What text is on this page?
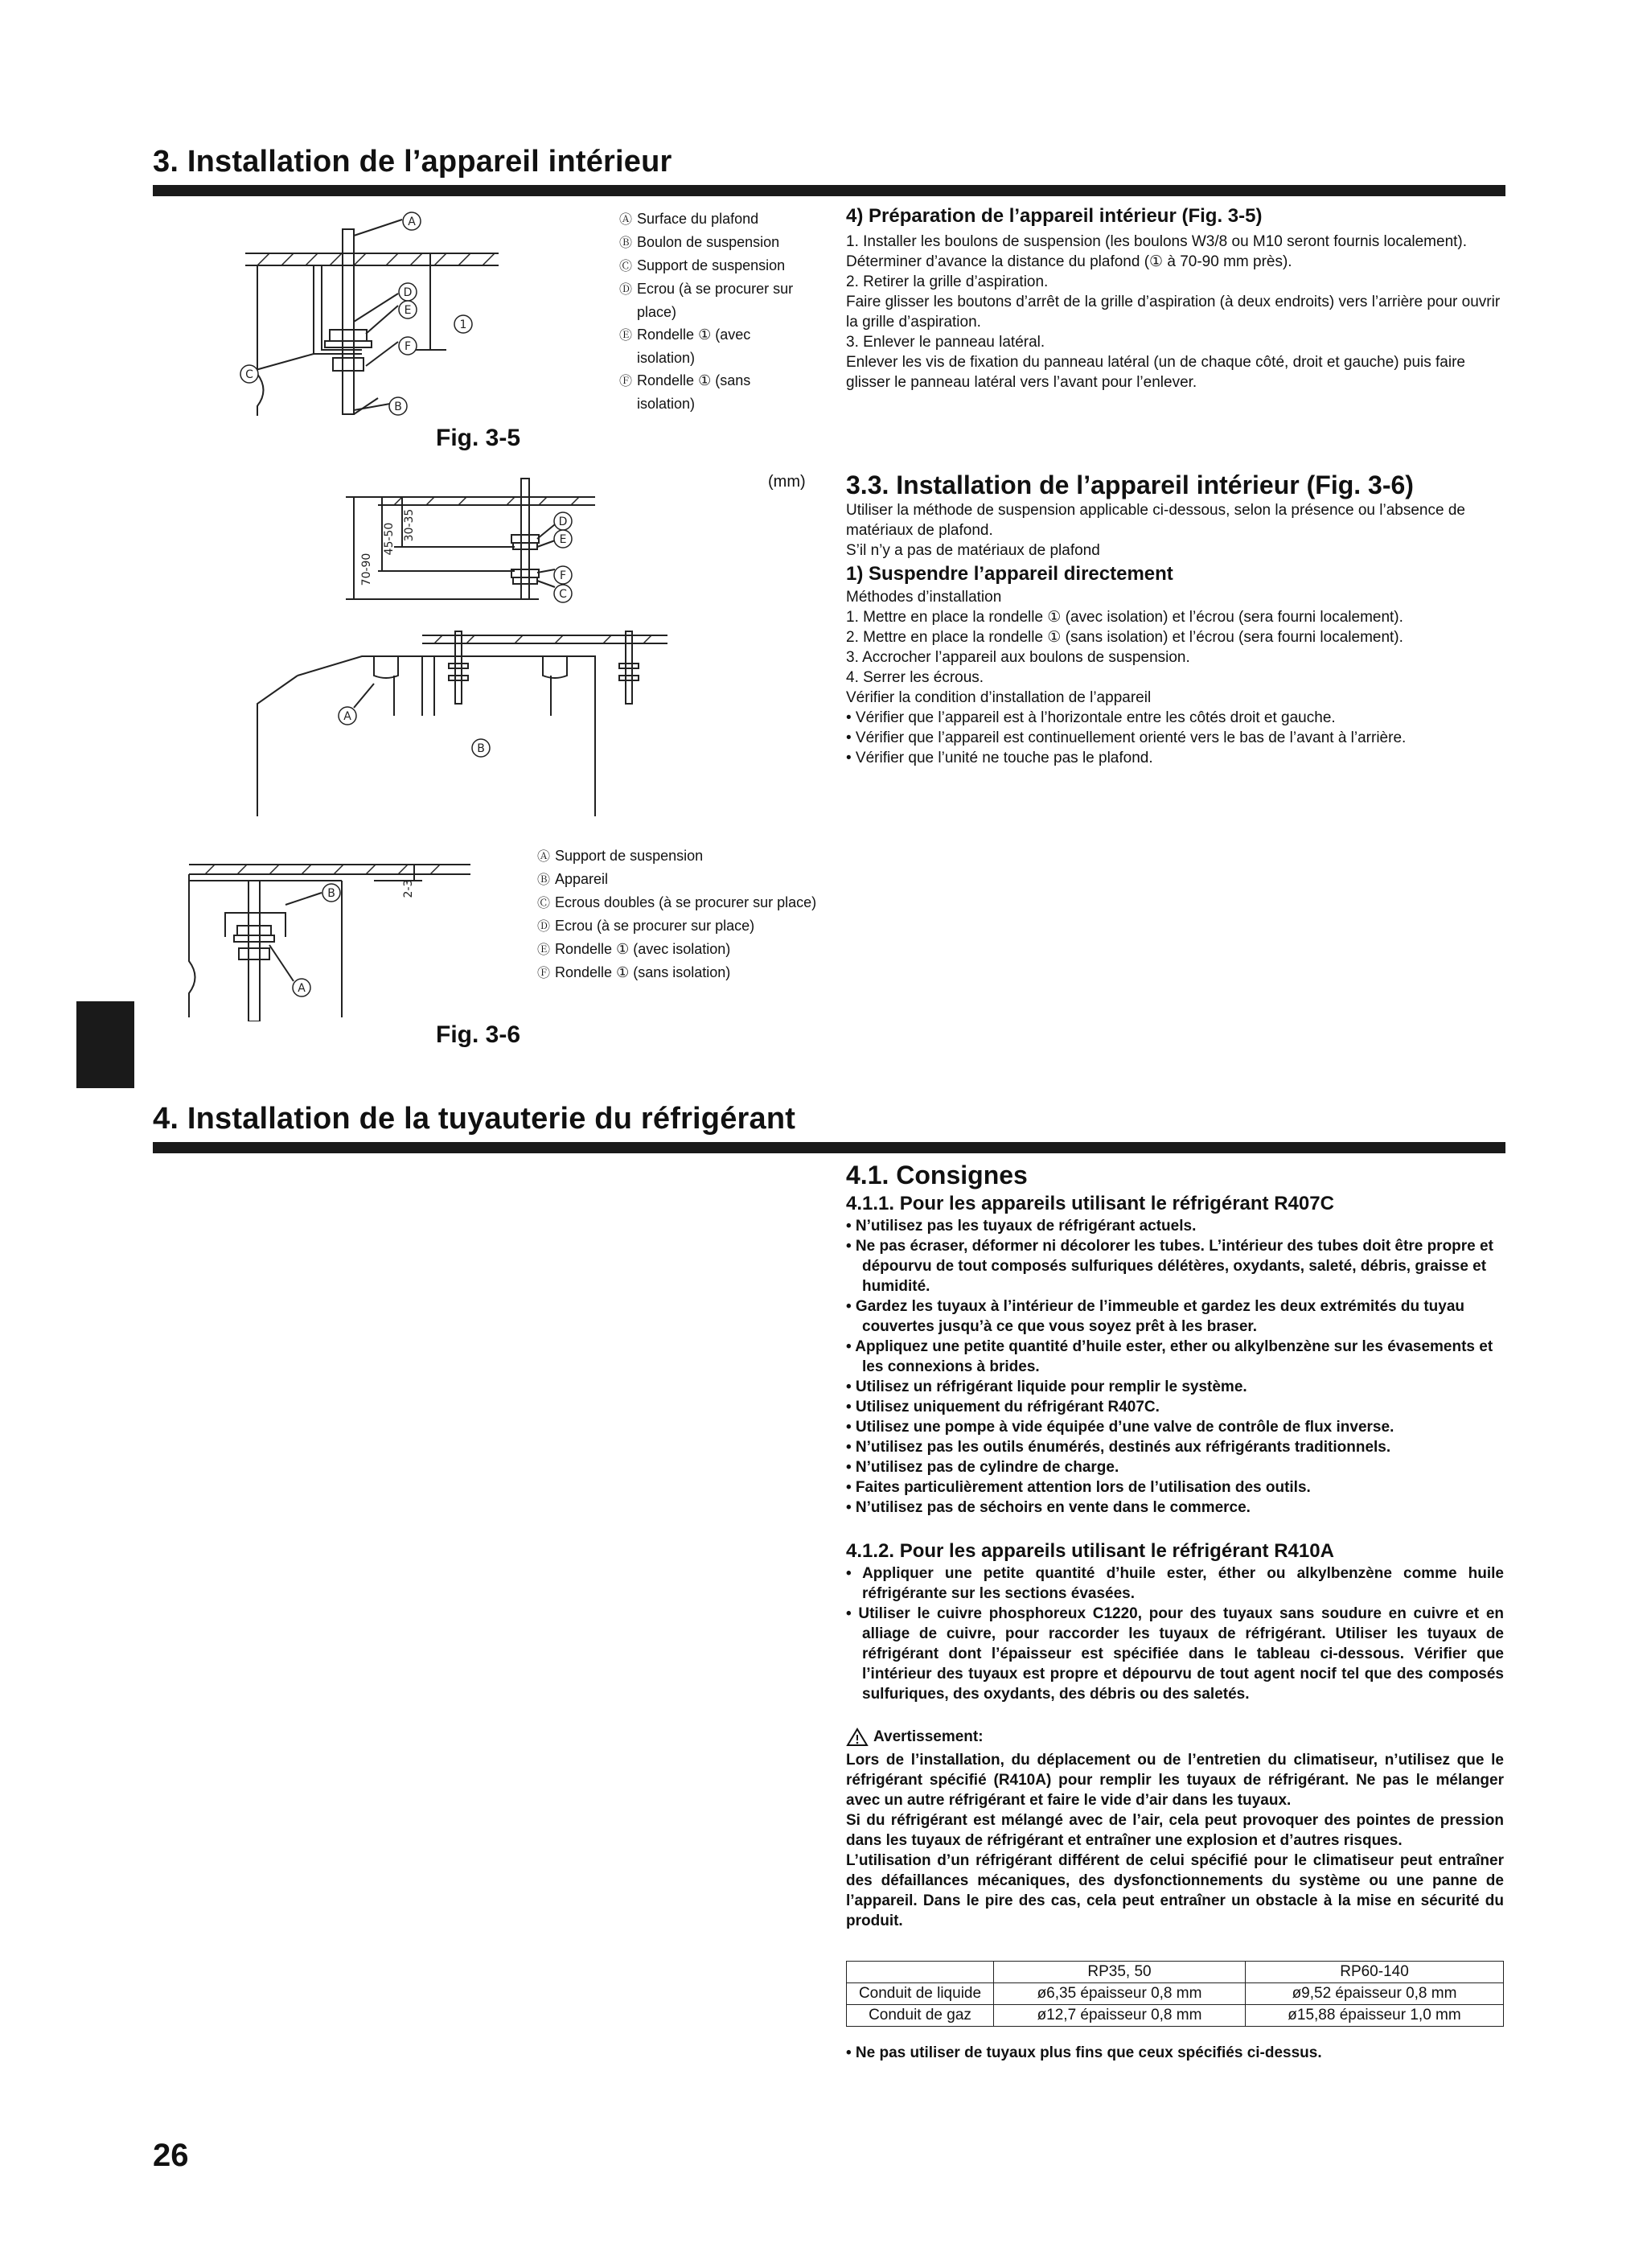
3. Installation de l’appareil intérieur
A
D
E
F
C
B
1
Ⓐ Surface du plafond
Ⓑ Boulon de suspension
Ⓒ Support de suspension
Ⓓ Ecrou (à se procurer sur place)
Ⓔ Rondelle ① (avec isolation)
Ⓕ Rondelle ① (sans isolation)
Fig. 3-5
4) Préparation de l’appareil intérieur (Fig. 3-5)
1. Installer les boulons de suspension (les boulons W3/8 ou M10 seront fournis localement).
Déterminer d’avance la distance du plafond (① à 70-90 mm près).
2. Retirer la grille d’aspiration.
Faire glisser les boutons d’arrêt de la grille d’aspiration (à deux endroits) vers l’arrière pour ouvrir la grille d’aspiration.
3. Enlever le panneau latéral.
Enlever les vis de fixation du panneau latéral (un de chaque côté, droit et gauche) puis faire glisser le panneau latéral vers l’avant pour l’enlever.
(mm)
70-90
45-50 30-35	D
E
F
C
A
B
2-3
B
A
Ⓐ Support de suspension
Ⓑ Appareil
Ⓒ Ecrous doubles (à se procurer sur place)
Ⓓ Ecrou (à se procurer sur place)
Ⓔ Rondelle ① (avec isolation)
Ⓕ Rondelle ① (sans isolation)
Fig. 3-6
3.3. Installation de l’appareil intérieur (Fig. 3-6)
Utiliser la méthode de suspension applicable ci-dessous, selon la présence ou l’absence de matériaux de plafond.
S’il n’y a pas de matériaux de plafond
1) Suspendre l’appareil directement
Méthodes d’installation
1. Mettre en place la rondelle ① (avec isolation) et l’écrou (sera fourni localement).
2. Mettre en place la rondelle ① (sans isolation) et l’écrou (sera fourni localement).
3. Accrocher l’appareil aux boulons de suspension.
4. Serrer les écrous.
Vérifier la condition d’installation de l’appareil
• Vérifier que l’appareil est à l’horizontale entre les côtés droit et gauche.
• Vérifier que l’appareil est continuellement orienté vers le bas de l’avant à l’arrière.
• Vérifier que l’unité ne touche pas le plafond.
4. Installation de la tuyauterie du réfrigérant
4.1. Consignes
4.1.1. Pour les appareils utilisant le réfrigérant R407C
• N’utilisez pas les tuyaux de réfrigérant actuels.
• Ne pas écraser, déformer ni décolorer les tubes. L’intérieur des tubes doit être propre et dépourvu de tout composés sulfuriques délétères, oxydants, saleté, débris, graisse et humidité.
• Gardez les tuyaux à l’intérieur de l’immeuble et gardez les deux extrémités du tuyau couvertes jusqu’à ce que vous soyez prêt à les braser.
• Appliquez une petite quantité d’huile ester, ether ou alkylbenzène sur les évasements et les connexions à brides.
• Utilisez un réfrigérant liquide pour remplir le système.
• Utilisez uniquement du réfrigérant R407C.
• Utilisez une pompe à vide équipée d’une valve de contrôle de flux inverse.
• N’utilisez pas les outils énumérés, destinés aux réfrigérants traditionnels.
• N’utilisez pas de cylindre de charge.
• Faites particulièrement attention lors de l’utilisation des outils.
• N’utilisez pas de séchoirs en vente dans le commerce.
4.1.2. Pour les appareils utilisant le réfrigérant R410A
• Appliquer une petite quantité d’huile ester, éther ou alkylbenzène comme huile réfrigérante sur les sections évasées.
• Utiliser le cuivre phosphoreux C1220, pour des tuyaux sans soudure en cuivre et en alliage de cuivre, pour raccorder les tuyaux de réfrigérant. Utiliser les tuyaux de réfrigérant dont l’épaisseur est spécifiée dans le tableau ci-dessous. Vérifier que l’intérieur des tuyaux est propre et dépourvu de tout agent nocif tel que des composés sulfuriques, des oxydants, des débris ou des saletés.
Avertissement:
Lors de l’installation, du déplacement ou de l’entretien du climatiseur, n’utilisez que le réfrigérant spécifié (R410A) pour remplir les tuyaux de réfrigérant. Ne pas le mélanger avec un autre réfrigérant et faire le vide d’air dans les tuyaux.
Si du réfrigérant est mélangé avec de l’air, cela peut provoquer des pointes de pression dans les tuyaux de réfrigérant et entraîner une explosion et d’autres risques.
L’utilisation d’un réfrigérant différent de celui spécifié pour le climatiseur peut entraîner des défaillances mécaniques, des dysfonctionnements du système ou une panne de l’appareil. Dans le pire des cas, cela peut entraîner un obstacle à la mise en sécurité du produit.
	RP35, 50	RP60-140
Conduit de liquide	ø6,35 épaisseur 0,8 mm	ø9,52 épaisseur 0,8 mm
Conduit de gaz	ø12,7 épaisseur 0,8 mm	ø15,88 épaisseur 1,0 mm
• Ne pas utiliser de tuyaux plus fins que ceux spécifiés ci-dessus.
26
